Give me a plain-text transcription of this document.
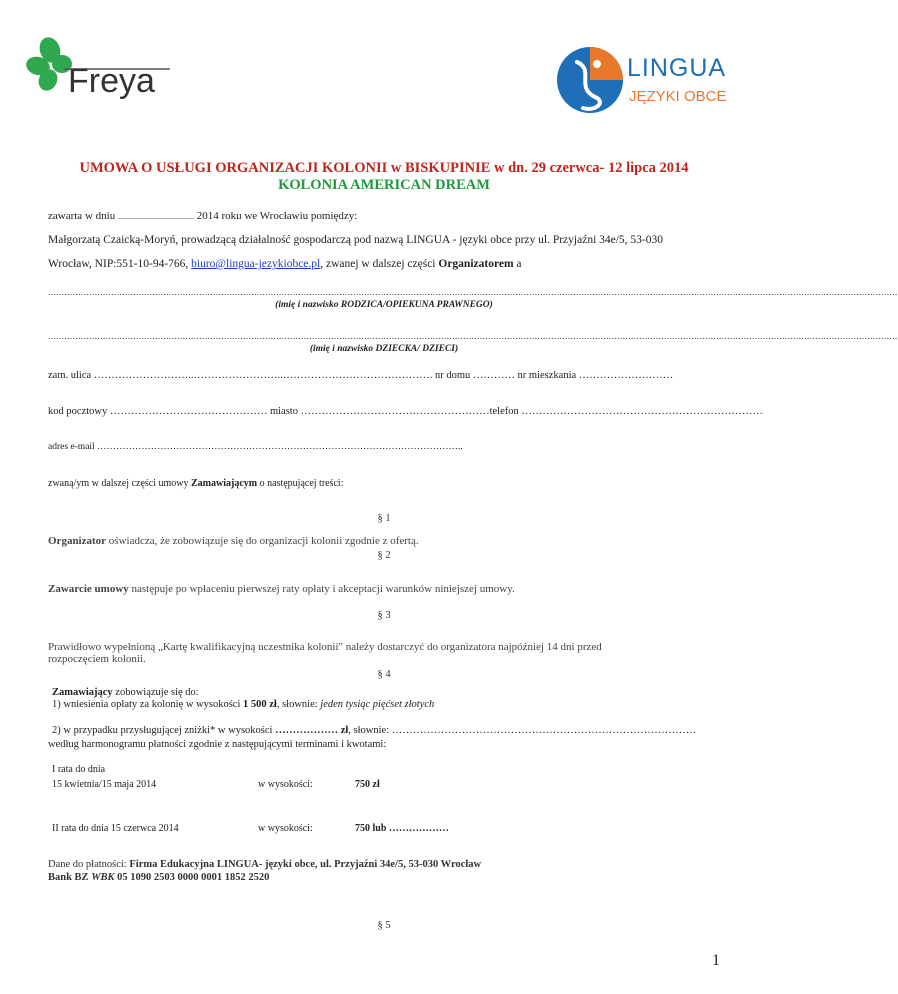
Freya	LINGUA
JĘZYKI OBCE
UMOWA O USŁUGI ORGANIZACJI KOLONII w BISKUPINIE w dn. 29 czerwca- 12 lipca 2014
KOLONIA AMERICAN DREAM
zawarta w dniu ...................................... 2014 roku we Wrocławiu pomiędzy:
Małgorzatą Czaicką-Moryń, prowadzącą działalność gospodarczą pod nazwą LINGUA - języki obce przy ul. Przyjaźni 34e/5, 53-030
Wrocław, NIP:551-10-94-766, biuro@lingua-jezykiobce.pl, zwanej w dalszej części Organizatorem a
.....................................................................................................................................................................................................................................................................................................................
(imię i nazwisko RODZICA/OPIEKUNA PRAWNEGO)
.....................................................................................................................................................................................................................................................................................................................
(imię i nazwisko DZIECKA/ DZIECI)
zam. ulica ………………………..……………………..……………………………………. nr domu ………… nr mieszkania ………………………
kod pocztowy ……………………………………… miasto ………………………………………………telefon ……………………………………………………………
adres e-mail ……………………………………………………………………………………………………..
zwaną/ym w dalszej części umowy Zamawiającym o następującej treści:
§ 1
Organizator oświadcza, że zobowiązuje się do organizacji kolonii zgodnie z ofertą.
§ 2
Zawarcie umowy następuje po wpłaceniu pierwszej raty opłaty i akceptacji warunków niniejszej umowy.
§ 3
Prawidłowo wypełnioną „Kartę kwalifikacyjną uczestnika kolonii" należy dostarczyć do organizatora najpóźniej 14 dni przed
rozpoczęciem kolonii.
§ 4
Zamawiający zobowiązuje się do:
1) wniesienia opłaty za kolonię w wysokości 1 500 zł, słownie: jeden tysiąc pięćset złotych
2) w przypadku przysługującej zniżki* w wysokości ……………… zł, słownie: ……………………………………………………………………………
według harmonogramu płatności zgodnie z następującymi terminami i kwotami:
I rata do dnia
15 kwietnia/15 maja 2014	w wysokości:	750 zł
II rata do dnia 15 czerwca 2014	w wysokości:	750 lub ………………
Dane do płatności: Firma Edukacyjna LINGUA- języki obce, ul. Przyjaźni 34e/5, 53-030 Wrocław
Bank BZ WBK 05 1090 2503 0000 0001 1852 2520
§ 5
1
